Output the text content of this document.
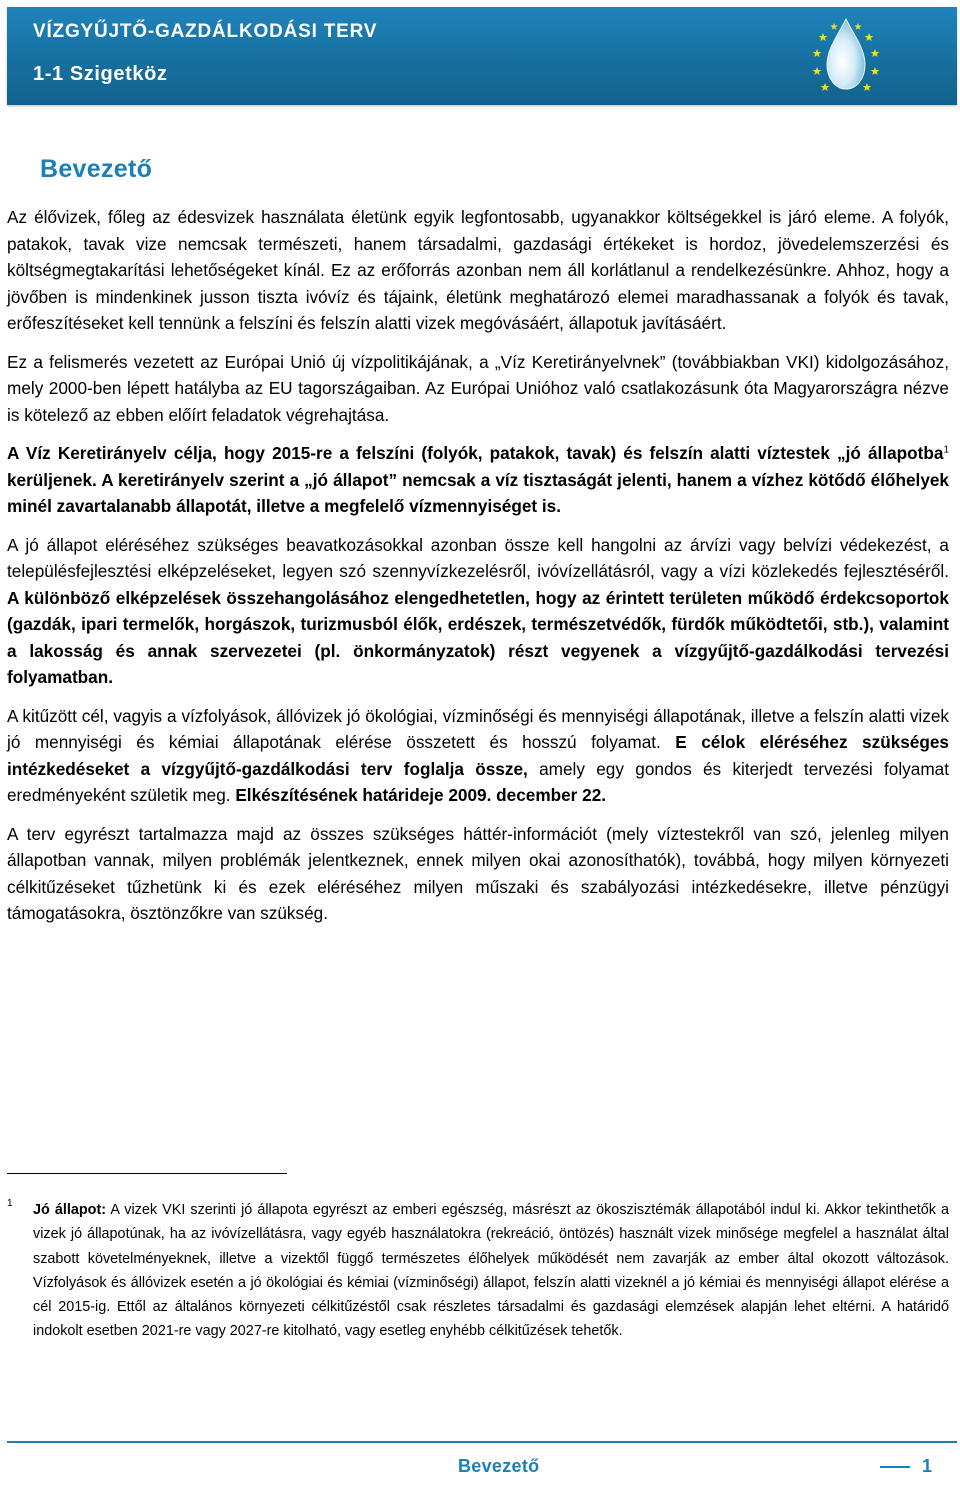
VÍZGYŰJTŐ-GAZDÁLKODÁSI TERV
1-1 Szigetköz
Bevezető

Az élővizek, főleg az édesvizek használata életünk egyik legfontosabb, ugyanakkor költségekkel is járó eleme. A folyók, patakok, tavak vize nemcsak természeti, hanem társadalmi, gazdasági értékeket is hordoz, jövedelemszerzési és költségmegtakarítási lehetőségeket kínál. Ez az erőforrás azonban nem áll korlátlanul a rendelkezésünkre. Ahhoz, hogy a jövőben is mindenkinek jusson tiszta ivóvíz és tájaink, életünk meghatározó elemei maradhassanak a folyók és tavak, erőfeszítéseket kell tennünk a felszíni és felszín alatti vizek megóvásáért, állapotuk javításáért.

Ez a felismerés vezetett az Európai Unió új vízpolitikájának, a „Víz Keretirányelvnek” (továbbiakban VKI) kidolgozásához, mely 2000-ben lépett hatályba az EU tagországaiban. Az Európai Unióhoz való csatlakozásunk óta Magyarországra nézve is kötelező az ebben előírt feladatok végrehajtása.

A Víz Keretirányelv célja, hogy 2015-re a felszíni (folyók, patakok, tavak) és felszín alatti víztestek „jó állapotba$^1$ kerüljenek. A keretirányelv szerint a „jó állapot” nemcsak a víz tisztaságát jelenti, hanem a vízhez kötődő élőhelyek minél zavartalanabb állapotát, illetve a megfelelő vízmennyiséget is.

A jó állapot eléréséhez szükséges beavatkozásokkal azonban össze kell hangolni az árvízi vagy belvízi védekezést, a településfejlesztési elképzeléseket, legyen szó szennyvízkezelésről, ivóvízellátásról, vagy a vízi közlekedés fejlesztéséről. A különböző elképzelések összehangolásához elengedhetetlen, hogy az érintett területen működő érdekcsoportok (gazdák, ipari termelők, horgászok, turizmusból élők, erdészek, természetvédők, fürdők működtetői, stb.), valamint a lakosság és annak szervezetei (pl. önkormányzatok) részt vegyenek a vízgyűjtő-gazdálkodási tervezési folyamatban.

A kitűzött cél, vagyis a vízfolyások, állóvizek jó ökológiai, vízminőségi és mennyiségi állapotának, illetve a felszín alatti vizek jó mennyiségi és kémiai állapotának elérése összetett és hosszú folyamat. E célok eléréséhez szükséges intézkedéseket a vízgyűjtő-gazdálkodási terv foglalja össze, amely egy gondos és kiterjedt tervezési folyamat eredményeként születik meg. Elkészítésének határideje 2009. december 22.

A terv egyrészt tartalmazza majd az összes szükséges háttér-információt (mely víztestekről van szó, jelenleg milyen állapotban vannak, milyen problémák jelentkeznek, ennek milyen okai azonosíthatók), továbbá, hogy milyen környezeti célkitűzéseket tűzhetünk ki és ezek eléréséhez milyen műszaki és szabályozási intézkedésekre, illetve pénzügyi támogatásokra, ösztönzőkre van szükség.

1 Jó állapot: A vizek VKI szerinti jó állapota egyrészt az emberi egészség, másrészt az ökoszisztémák állapotából indul ki. Akkor tekinthetők a vizek jó állapotúnak, ha az ivóvízellátásra, vagy egyéb használatokra (rekreáció, öntözés) használt vizek minősége megfelel a használat által szabott követelményeknek, illetve a vizektől függő természetes élőhelyek működését nem zavarják az ember által okozott változások. Vízfolyások és állóvizek esetén a jó ökológiai és kémiai (vízminőségi) állapot, felszín alatti vizeknél a jó kémiai és mennyiségi állapot elérése a cél 2015-ig. Ettől az általános környezeti célkitűzéstől csak részletes társadalmi és gazdasági elemzések alapján lehet eltérni. A határidő indokolt esetben 2021-re vagy 2027-re kitolható, vagy esetleg enyhébb célkitűzések tehetők.
Bevezető	1
